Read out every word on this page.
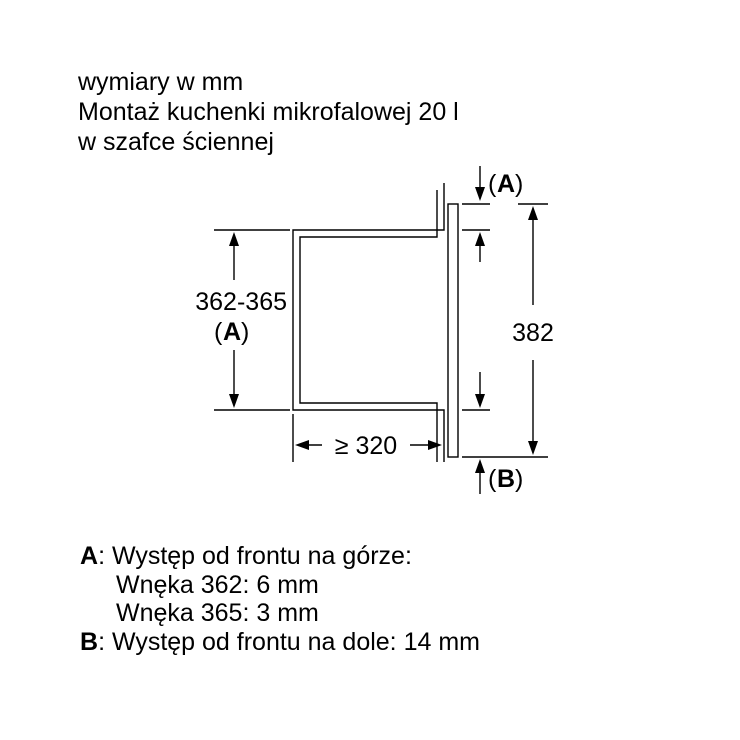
wymiary w mm
Montaż kuchenki mikrofalowej 20 l
w szafce ściennej
( A )
362-365
( A )
≥ 320
382
( B )
A: Występ od frontu na górze:
Wnęka 362: 6 mm
Wnęka 365: 3 mm
B: Występ od frontu na dole: 14 mm
